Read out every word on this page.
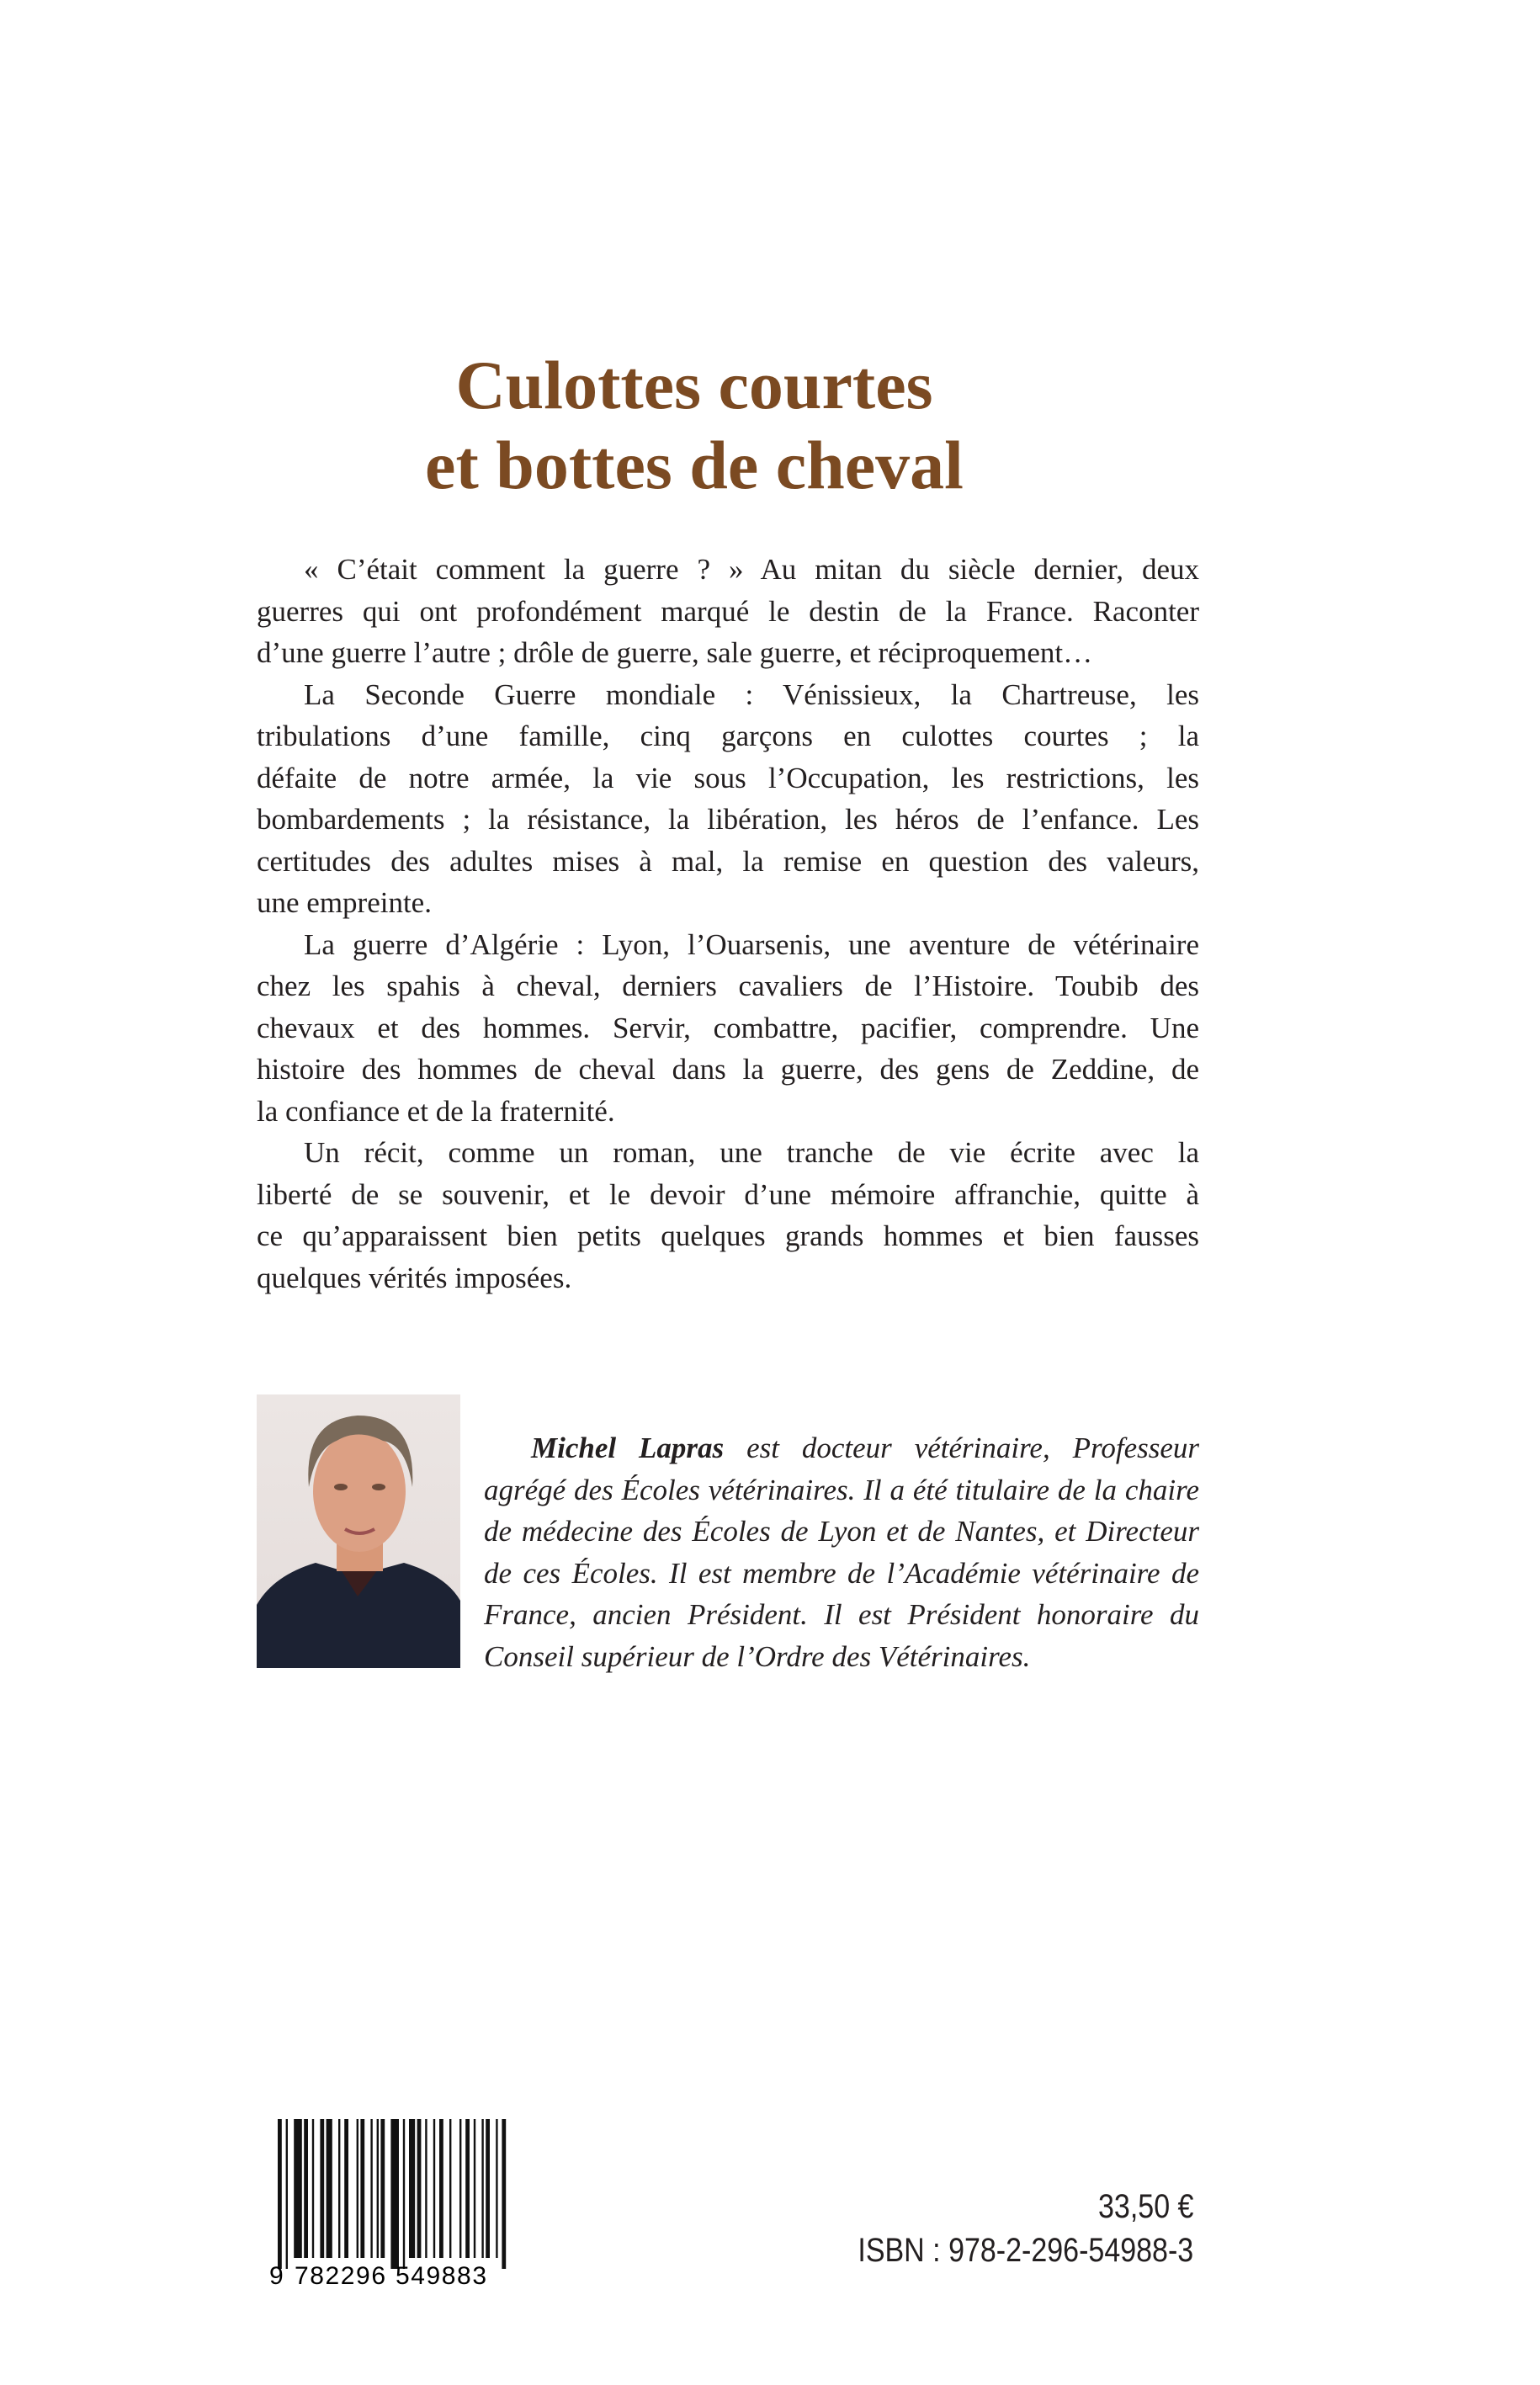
Culottes courtes
et bottes de cheval
« C’était comment la guerre ? » Au mitan du siècle dernier, deux
guerres qui ont profondément marqué le destin de la France. Raconter
d’une guerre l’autre ; drôle de guerre, sale guerre, et réciproquement…
La Seconde Guerre mondiale : Vénissieux, la Chartreuse, les
tribulations d’une famille, cinq garçons en culottes courtes ; la
défaite de notre armée, la vie sous l’Occupation, les restrictions, les
bombardements ; la résistance, la libération, les héros de l’enfance. Les
certitudes des adultes mises à mal, la remise en question des valeurs,
une empreinte.
La guerre d’Algérie : Lyon, l’Ouarsenis, une aventure de vétérinaire
chez les spahis à cheval, derniers cavaliers de l’Histoire. Toubib des
chevaux et des hommes. Servir, combattre, pacifier, comprendre. Une
histoire des hommes de cheval dans la guerre, des gens de Zeddine, de
la confiance et de la fraternité.
Un récit, comme un roman, une tranche de vie écrite avec la
liberté de se souvenir, et le devoir d’une mémoire affranchie, quitte à
ce qu’apparaissent bien petits quelques grands hommes et bien fausses
quelques vérités imposées.
Michel Lapras est docteur vétérinaire, Professeur
agrégé des Écoles vétérinaires. Il a été titulaire de la chaire
de médecine des Écoles de Lyon et de Nantes, et Directeur
de ces Écoles. Il est membre de l’Académie vétérinaire de
France, ancien Président. Il est Président honoraire du
Conseil supérieur de l’Ordre des Vétérinaires.
9 782296 549883
33,50 €
ISBN : 978-2-296-54988-3
